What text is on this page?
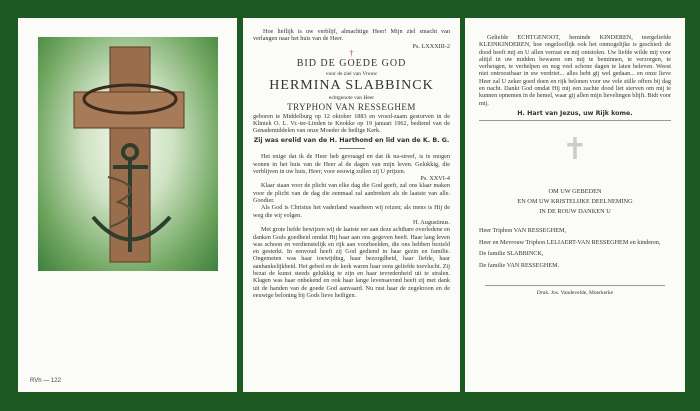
RVh — 122
Hoe lieflijk is uw verblijf, almachtige Heer! Mijn ziel smacht van verlangen naar het huis van de Heer.
Ps. LXXXIII-2
†
BID DE GOEDE GOD
voor de ziel van Vrouw
HERMINA SLABBINCK
echtgenote van Heer
TRYPHON VAN RESSEGHEM
geboren te Middelburg op 12 oktober 1883 en vroed-zaam gestorven in de Kliniek O. L. Vr.-ter-Linden te Knokke op 19 januari 1962, bediend van de Genademiddelen van onze Moeder de heilige Kerk.
Zij was erelid van de H. Harthond en lid van de K. B. G.
Het enige dat ik de Heer heb gevraagd en dat ik na-streef, is te mogen wonen in het huis van de Heer al de dagen van mijn leven. Gelukkig, die verblijven in uw huis, Heer; voor eeuwig zullen zij U prijzen.
Ps. XXVI-4
Klaar staan voor de plicht van elke dag die God geeft, zal ons klaar maken voor de plicht van de dag die eenmaal zal aanbreken als de laatste van alle. Goodier.
Als God is Christus het vaderland waarheen wij reizen; als mens is Hij de weg die wij volgen.
H. Augustinus.
Met grote liefde bewijzen wij de laatste eer aan deze achtbare overledene en danken Gods goedheid omdat Hij haar aan ons gegeven heeft. Haar lang leven was schoon en verdienstelijk en rijk aan voorbeelden, die ons hebben bezield en gesterkt. In eenvoud heeft zij God gediend in haar gezin en familie. Ongemeten was haar toewijding, haar bezorgdheid, haar liefde, haar aanhankelijkheid. Het gebed en de kerk waren haar eens geliefde toevlucht. Zij bezat de kunst steeds gelukkig te zijn en haar tevredenheid uit te stralen. Klagen was haar onbekend en ook haar lange levensavond heeft zij met dank uit de handen van de goede God aanvaard. Nu rust haar de zegekroon en de eeuwige beloning bij Gods lieve heiligen.
Geliefde ECHTGENOOT, beminde KINDEREN, teergeliefde KLEINKINDEREN, hoe ongelooflijk ook het onmogelijke is geschied: de dood heeft mij en U allen verrast en mij ontstolen. Uw liefde wilde mij voor altijd in uw midden bewaren om mij te beminnen, te verzorgen, te verheugen, te verhelpen en nog veel schone dagen te laten beleven. Weest niet ontroostbaar in uw verdriet... alles hebt gij wel gedaan... en onze lieve Heer zal U zeker goed doen en rijk belonen voor uw vele stille offers bij dag en nacht. Dankt God omdat Hij mij een zachte dood liet sterven om mij te kunnen opnemen in de hemel, waar gij allen mijn lievelingen blijft. Bidt voor mij.
H. Hart van Jezus, uw Rijk kome.
✝
OM UW GEBEDEN
EN OM UW KRISTELIJKE DEELNEMING
IN DE ROUW DANKEN U
Heer Triphon VAN RESSEGHEM,
Heer en Mevrouw Triphon LELIAERT-VAN RESSEGHEM en kinderen,
De familie SLABBINCK,
De familie VAN RESSEGHEM.
Druk. Jos. Vandevelde, Moerkerke
